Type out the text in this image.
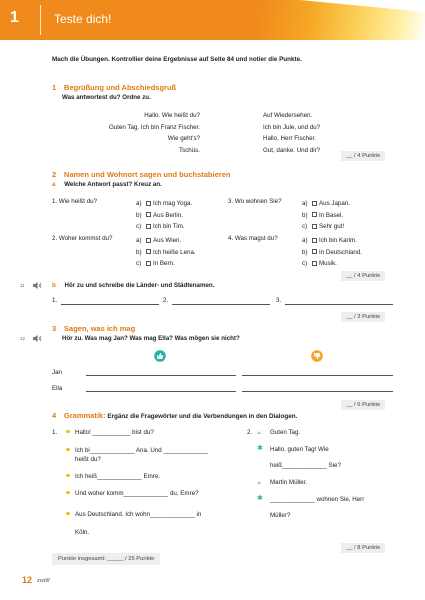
1	Teste dich!
Mach die Übungen. Kontrollier deine Ergebnisse auf Seite 84 und notier die Punkte.
1 Begrüßung und Abschiedsgruß
Was antwortest du? Ordne zu.
Hallo. Wie heißt du?
Guten Tag. Ich bin Franz Fischer.
Wie geht's?
Tschüs.
Auf Wiedersehen.
Ich bin Jule, und du?
Hallo, Herr Fischer.
Gut, danke. Und dir?
__ / 4 Punkte
2 Namen und Wohnort sagen und buchstabieren
a Welche Antwort passt? Kreuz an.
1. Wie heißt du?	a) Ich mag Yoga.
b) Aus Berlin.
c) Ich bin Tim.
3. Wo wohnen Sie?	a) Aus Japan.
b) In Basel.
c) Sehr gut!
2. Woher kommst du?	a) Aus Wien.
b) Ich heiße Lena.
c) In Bern.
4. Was magst du?	a) Ich bin Karim.
b) In Deutschland.
c) Musik.
__ / 4 Punkte
11	b Hör zu und schreibe die Länder- und Städtenamen.
1.	2.	3.
__ / 3 Punkte
3 Sagen, was ich mag
12	Hör zu. Was mag Jan? Was mag Ella? Was mögen sie nicht?
Jan
Ella
__ / 6 Punkte
4 Grammatik: Ergänz die Fragewörter und die Verbendungen in den Dialogen.
1.	Hallo! ___________ bist du?
Ich bi_____________ Ana. Und _____________
heißt du?
Ich heiß_____________ Emre.
Und woher komm_____________ du, Emre?
Aus Deutschland. Ich wohn_____________ in
Köln.
2.	Guten Tag.
✱ Hallo, guten Tag! Wie
heiß_____________ Sie?
Martin Müller.
✱ _____________ wohnen Sie, Herr
Müller?
__ / 8 Punkte
Punkte insgesamt: _____ / 25 Punkte
12 zwölf
